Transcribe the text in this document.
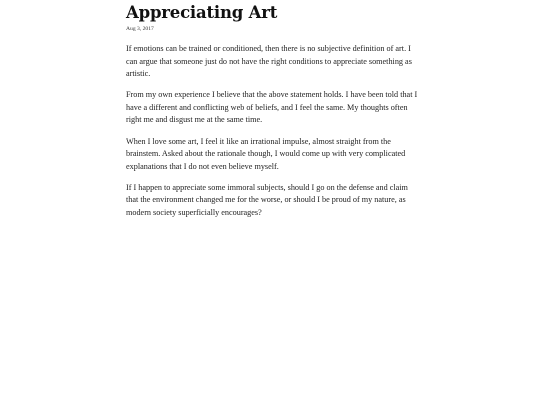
Appreciating Art
Aug 3, 2017

If emotions can be trained or conditioned, then there is no subjective definition of art. I can argue that someone just do not have the right conditions to appreciate something as artistic.

From my own experience I believe that the above statement holds. I have been told that I have a different and conflicting web of beliefs, and I feel the same. My thoughts often right me and disgust me at the same time.

When I love some art, I feel it like an irrational impulse, almost straight from the brainstem. Asked about the rationale though, I would come up with very complicated explanations that I do not even believe myself.

If I happen to appreciate some immoral subjects, should I go on the defense and claim that the environment changed me for the worse, or should I be proud of my nature, as modern society superficially encourages?
